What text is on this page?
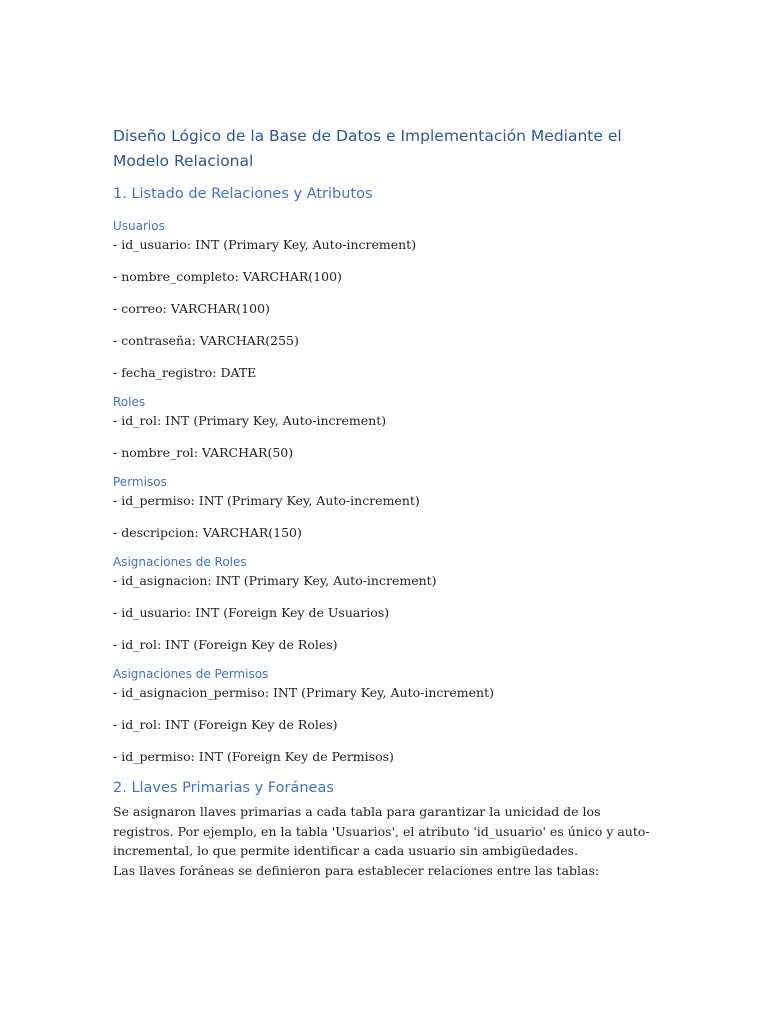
Diseño Lógico de la Base de Datos e Implementación Mediante el Modelo Relacional
1. Listado de Relaciones y Atributos
Usuarios

- id_usuario: INT (Primary Key, Auto-increment)

- nombre_completo: VARCHAR(100)

- correo: VARCHAR(100)

- contraseña: VARCHAR(255)

- fecha_registro: DATE

Roles

- id_rol: INT (Primary Key, Auto-increment)

- nombre_rol: VARCHAR(50)

Permisos

- id_permiso: INT (Primary Key, Auto-increment)

- descripcion: VARCHAR(150)

Asignaciones de Roles

- id_asignacion: INT (Primary Key, Auto-increment)

- id_usuario: INT (Foreign Key de Usuarios)

- id_rol: INT (Foreign Key de Roles)

Asignaciones de Permisos

- id_asignacion_permiso: INT (Primary Key, Auto-increment)

- id_rol: INT (Foreign Key de Roles)

- id_permiso: INT (Foreign Key de Permisos)

2. Llaves Primarias y Foráneas

Se asignaron llaves primarias a cada tabla para garantizar la unicidad de los registros. Por ejemplo, en la tabla 'Usuarios', el atributo 'id_usuario' es único y auto-incremental, lo que permite identificar a cada usuario sin ambigüedades.

Las llaves foráneas se definieron para establecer relaciones entre las tablas:
